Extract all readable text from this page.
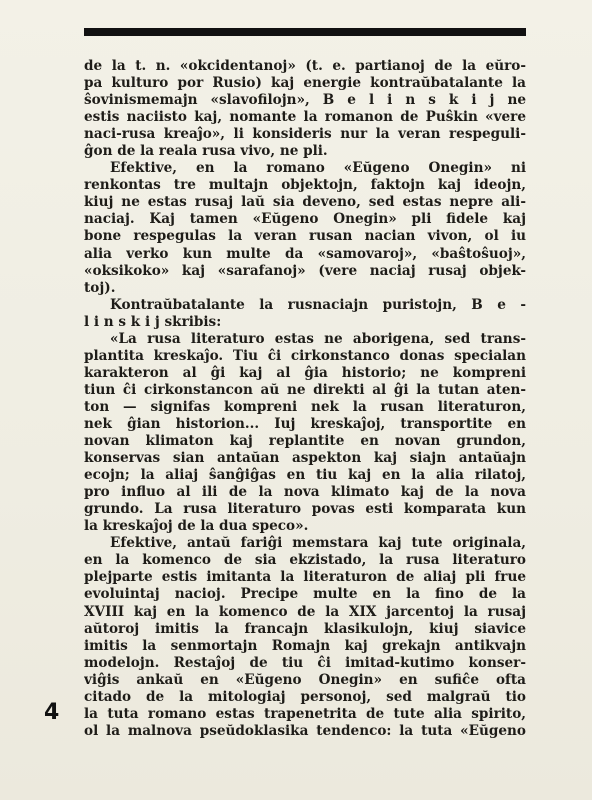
de la t. n. «okcidentanoj» (t. e. partianoj de la eŭro-
pa kulturo por Rusio) kaj energie kontraŭbatalante la
ŝovinismemajn «slavofilojn», B e l i n s k i j ne
estis naciisto kaj, nomante la romanon de Puŝkin «vere
naci-rusa kreaĵo», li konsideris nur la veran respeguli-
ĝon de la reala rusa vivo, ne pli.
Efektive, en la romano «Eŭgeno Onegin» ni
renkontas tre multajn objektojn, faktojn kaj ideojn,
kiuj ne estas rusaj laŭ sia deveno, sed estas nepre ali-
naciaj. Kaj tamen «Eŭgeno Onegin» pli fidele kaj
bone respegulas la veran rusan nacian vivon, ol iu
alia verko kun multe da «samovaroj», «baŝtoŝuoj»,
«oksikoko» kaj «sarafanoj» (vere naciaj rusaj objek-
toj).
Kontraŭbatalante la rusnaciajn puristojn, B e -
l i n s k i j skribis:
«La rusa literaturo estas ne aborigena, sed trans-
plantita kreskaĵo. Tiu ĉi cirkonstanco donas specialan
karakteron al ĝi kaj al ĝia historio; ne kompreni
tiun ĉi cirkonstancon aŭ ne direkti al ĝi la tutan aten-
ton — signifas kompreni nek la rusan literaturon,
nek ĝian historion... Iuj kreskaĵoj, transportite en
novan klimaton kaj replantite en novan grundon,
konservas sian antaŭan aspekton kaj siajn antaŭajn
ecojn; la aliaj ŝanĝiĝas en tiu kaj en la alia rilatoj,
pro influo al ili de la nova klimato kaj de la nova
grundo. La rusa literaturo povas esti komparata kun
la kreskaĵoj de la dua speco».
Efektive, antaŭ fariĝi memstara kaj tute originala,
en la komenco de sia ekzistado, la rusa literaturo
plejparte estis imitanta la literaturon de aliaj pli frue
evoluintaj nacioj. Precipe multe en la fino de la
XVIII kaj en la komenco de la XIX jarcentoj la rusaj
aŭtoroj imitis la francajn klasikulojn, kiuj siavice
imitis la senmortajn Romajn kaj grekajn antikvajn
modelojn. Restaĵoj de tiu ĉi imitad-kutimo konser-
viĝis ankaŭ en «Eŭgeno Onegin» en sufiĉe ofta
citado de la mitologiaj personoj, sed malgraŭ tio
la tuta romano estas trapenetrita de tute alia spirito,
ol la malnova pseŭdoklasika tendenco: la tuta «Eŭgeno
4
